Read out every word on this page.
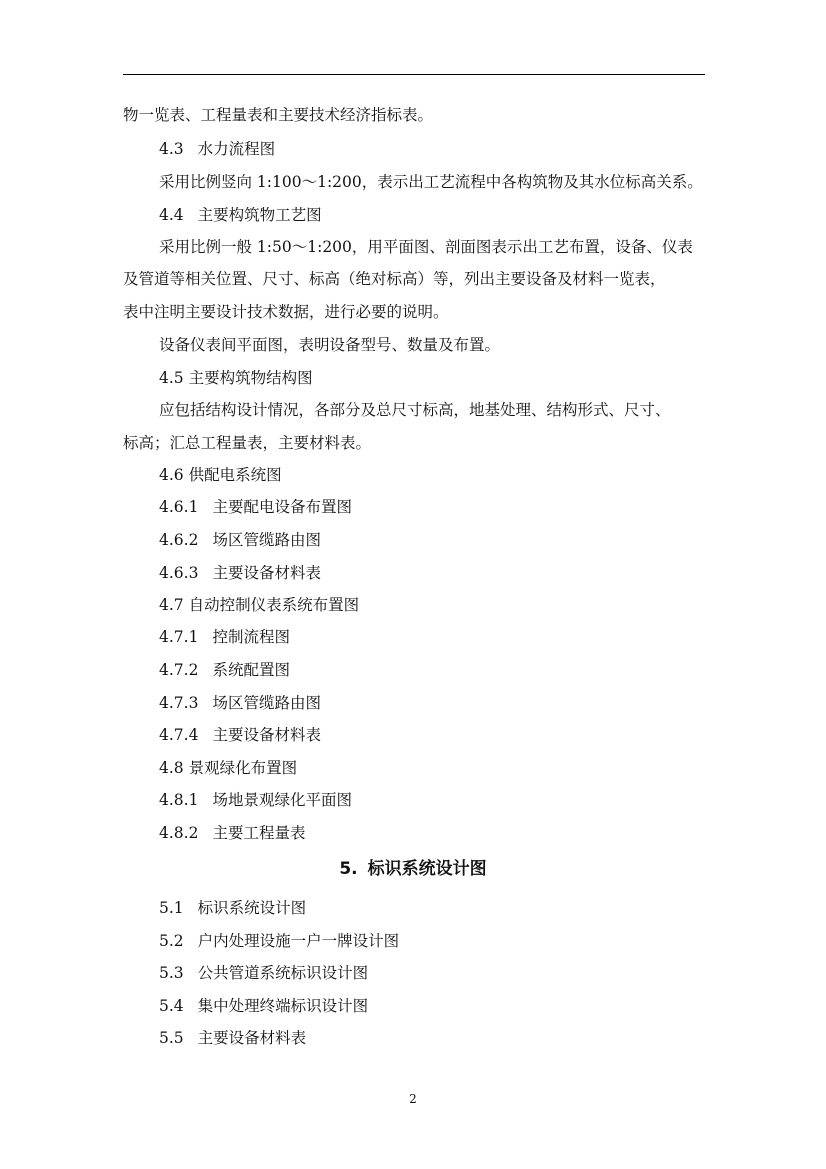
物一览表、工程量表和主要技术经济指标表。
4.3 水力流程图
采用比例竖向 1:100～1:200，表示出工艺流程中各构筑物及其水位标高关系。
4.4 主要构筑物工艺图
采用比例一般 1:50～1:200，用平面图、剖面图表示出工艺布置，设备、仪表
及管道等相关位置、尺寸、标高（绝对标高）等，列出主要设备及材料一览表，
表中注明主要设计技术数据，进行必要的说明。
设备仪表间平面图，表明设备型号、数量及布置。
4.5 主要构筑物结构图
应包括结构设计情况，各部分及总尺寸标高，地基处理、结构形式、尺寸、
标高；汇总工程量表，主要材料表。
4.6 供配电系统图
4.6.1 主要配电设备布置图
4.6.2 场区管缆路由图
4.6.3 主要设备材料表
4.7 自动控制仪表系统布置图
4.7.1 控制流程图
4.7.2 系统配置图
4.7.3 场区管缆路由图
4.7.4 主要设备材料表
4.8 景观绿化布置图
4.8.1 场地景观绿化平面图
4.8.2 主要工程量表
5. 标识系统设计图
5.1 标识系统设计图
5.2 户内处理设施一户一牌设计图
5.3 公共管道系统标识设计图
5.4 集中处理终端标识设计图
5.5 主要设备材料表
2
